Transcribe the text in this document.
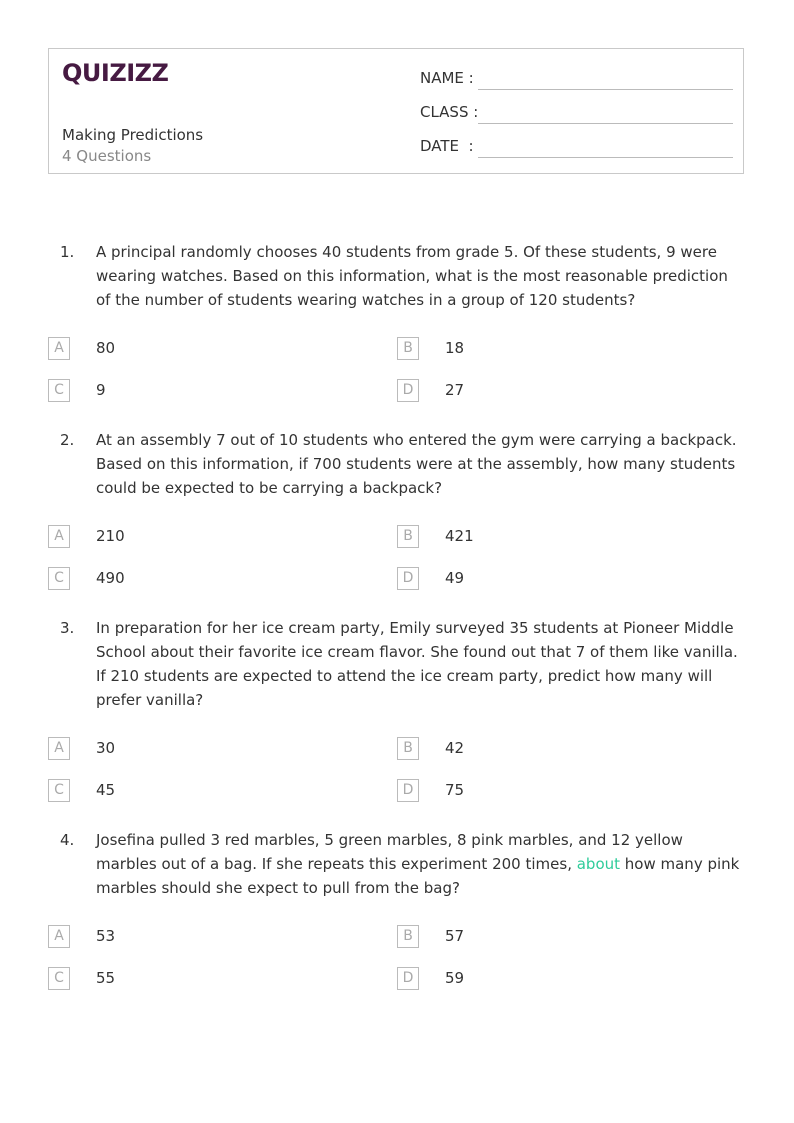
QUIZIZZ
Making Predictions
4 Questions
NAME :
CLASS :
DATE  :
1. A principal randomly chooses 40 students from grade 5. Of these students, 9 were wearing watches. Based on this information, what is the most reasonable prediction of the number of students wearing watches in a group of 120 students?
A	80	B	18
C	9	D	27
2. At an assembly 7 out of 10 students who entered the gym were carrying a backpack. Based on this information, if 700 students were at the assembly, how many students could be expected to be carrying a backpack?
A	210	B	421
C	490	D	49
3. In preparation for her ice cream party, Emily surveyed 35 students at Pioneer Middle School about their favorite ice cream flavor. She found out that 7 of them like vanilla. If 210 students are expected to attend the ice cream party, predict how many will prefer vanilla?
A	30	B	42
C	45	D	75
4. Josefina pulled 3 red marbles, 5 green marbles, 8 pink marbles, and 12 yellow marbles out of a bag. If she repeats this experiment 200 times, about how many pink marbles should she expect to pull from the bag?
A	53	B	57
C	55	D	59
